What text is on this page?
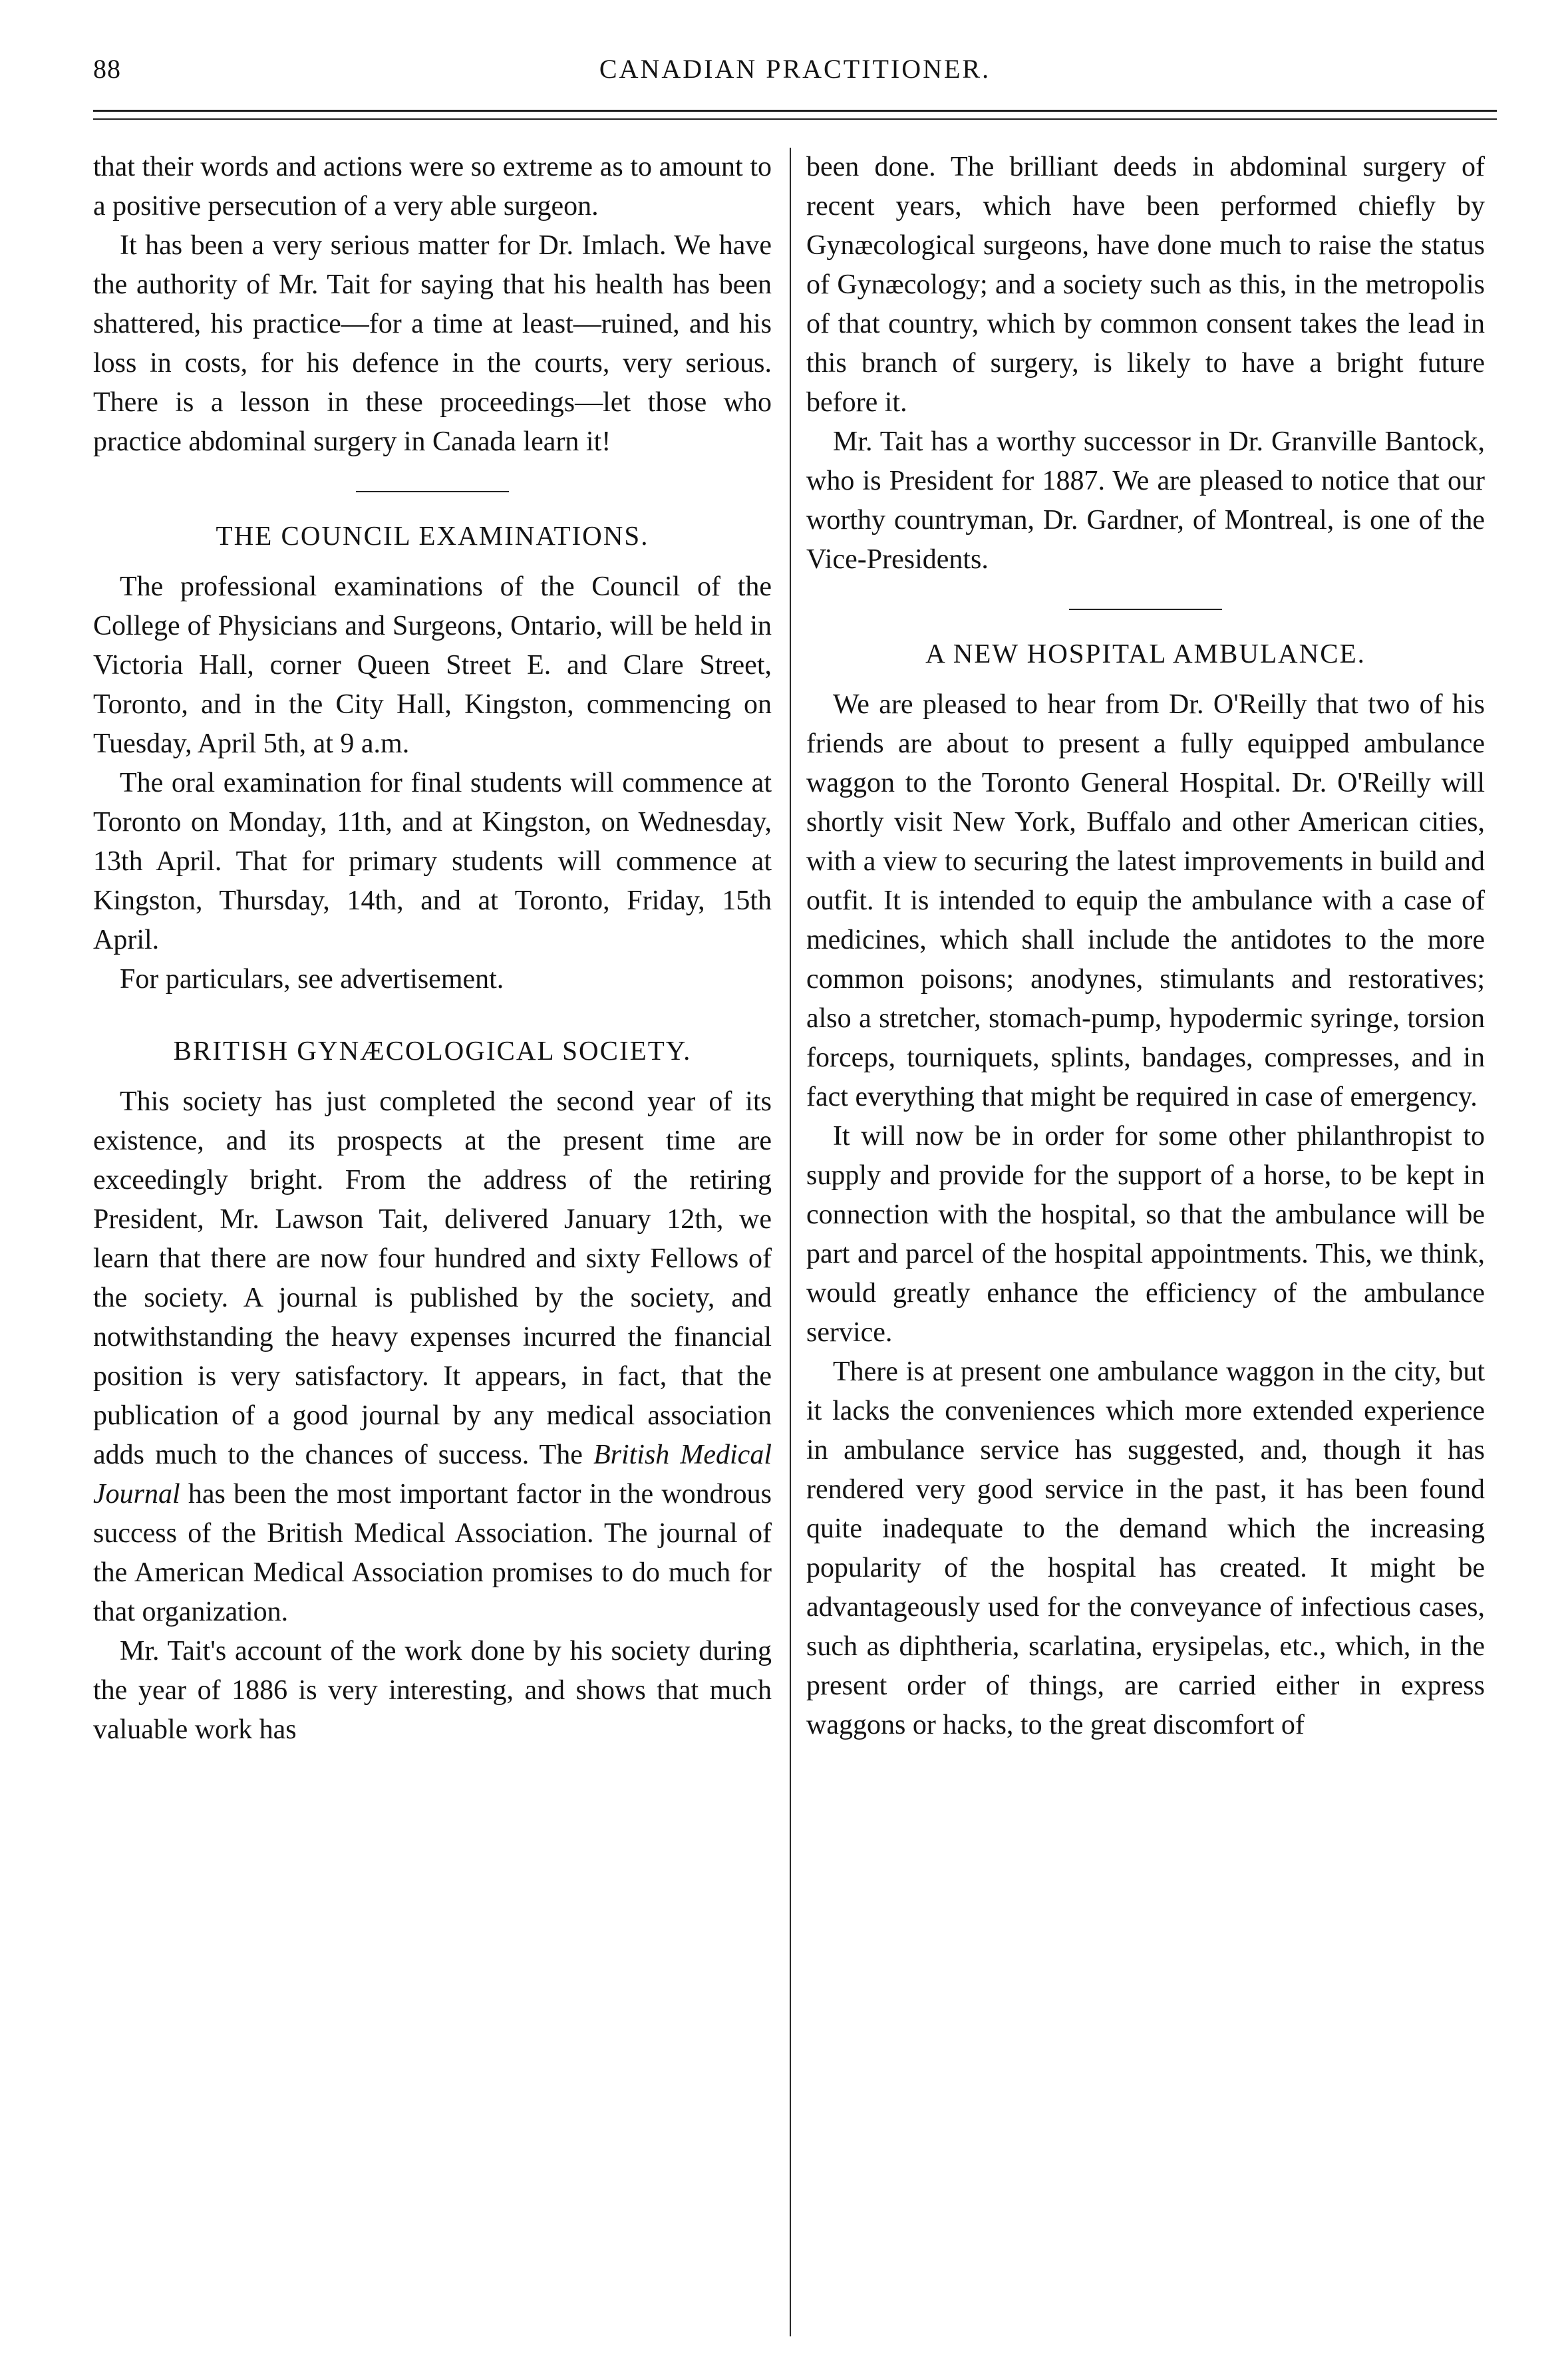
88	CANADIAN PRACTITIONER.

that their words and actions were so extreme as to amount to a positive persecution of a very able surgeon.

It has been a very serious matter for Dr. Imlach. We have the authority of Mr. Tait for saying that his health has been shattered, his practice—for a time at least—ruined, and his loss in costs, for his defence in the courts, very serious. There is a lesson in these proceedings—let those who practice abdominal surgery in Canada learn it!

THE COUNCIL EXAMINATIONS.

The professional examinations of the Council of the College of Physicians and Surgeons, Ontario, will be held in Victoria Hall, corner Queen Street E. and Clare Street, Toronto, and in the City Hall, Kingston, commencing on Tuesday, April 5th, at 9 a.m.

The oral examination for final students will commence at Toronto on Monday, 11th, and at Kingston, on Wednesday, 13th April. That for primary students will commence at Kingston, Thursday, 14th, and at Toronto, Friday, 15th April.

For particulars, see advertisement.

BRITISH GYNÆCOLOGICAL SOCIETY.

This society has just completed the second year of its existence, and its prospects at the present time are exceedingly bright. From the address of the retiring President, Mr. Lawson Tait, delivered January 12th, we learn that there are now four hundred and sixty Fellows of the society. A journal is published by the society, and notwithstanding the heavy expenses incurred the financial position is very satisfactory. It appears, in fact, that the publication of a good journal by any medical association adds much to the chances of success. The British Medical Journal has been the most important factor in the wondrous success of the British Medical Association. The journal of the American Medical Association promises to do much for that organization.

Mr. Tait's account of the work done by his society during the year of 1886 is very interesting, and shows that much valuable work has

been done. The brilliant deeds in abdominal surgery of recent years, which have been performed chiefly by Gynæcological surgeons, have done much to raise the status of Gynæcology; and a society such as this, in the metropolis of that country, which by common consent takes the lead in this branch of surgery, is likely to have a bright future before it.

Mr. Tait has a worthy successor in Dr. Granville Bantock, who is President for 1887. We are pleased to notice that our worthy countryman, Dr. Gardner, of Montreal, is one of the Vice-Presidents.

A NEW HOSPITAL AMBULANCE.

We are pleased to hear from Dr. O'Reilly that two of his friends are about to present a fully equipped ambulance waggon to the Toronto General Hospital. Dr. O'Reilly will shortly visit New York, Buffalo and other American cities, with a view to securing the latest improvements in build and outfit. It is intended to equip the ambulance with a case of medicines, which shall include the antidotes to the more common poisons; anodynes, stimulants and restoratives; also a stretcher, stomach-pump, hypodermic syringe, torsion forceps, tourniquets, splints, bandages, compresses, and in fact everything that might be required in case of emergency.

It will now be in order for some other philanthropist to supply and provide for the support of a horse, to be kept in connection with the hospital, so that the ambulance will be part and parcel of the hospital appointments. This, we think, would greatly enhance the efficiency of the ambulance service.

There is at present one ambulance waggon in the city, but it lacks the conveniences which more extended experience in ambulance service has suggested, and, though it has rendered very good service in the past, it has been found quite inadequate to the demand which the increasing popularity of the hospital has created. It might be advantageously used for the conveyance of infectious cases, such as diphtheria, scarlatina, erysipelas, etc., which, in the present order of things, are carried either in express waggons or hacks, to the great discomfort of
